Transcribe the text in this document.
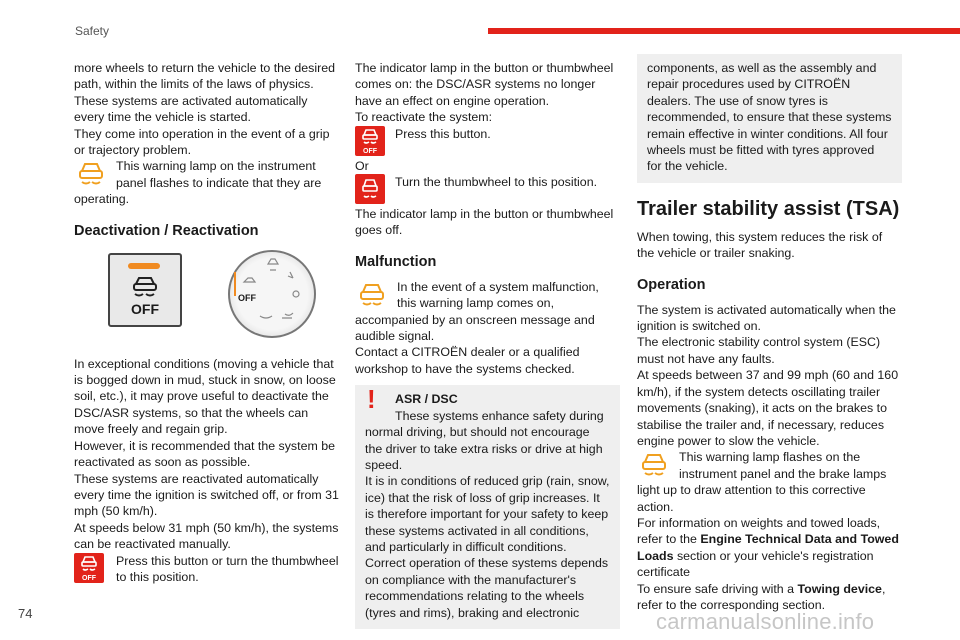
Safety

more wheels to return the vehicle to the desired path, within the limits of the laws of physics. These systems are activated automatically every time the vehicle is started.

They come into operation in the event of a grip or trajectory problem.

This warning lamp on the instrument panel flashes to indicate that they are operating.

Deactivation / Reactivation
OFF
OFF

In exceptional conditions (moving a vehicle that is bogged down in mud, stuck in snow, on loose soil, etc.), it may prove useful to deactivate the DSC/ASR systems, so that the wheels can move freely and regain grip.

However, it is recommended that the system be reactivated as soon as possible.

These systems are reactivated automatically every time the ignition is switched off, or from 31 mph (50 km/h).

At speeds below 31 mph (50 km/h), the systems can be reactivated manually.

OFF

Press this button or turn the thumbwheel to this position.

The indicator lamp in the button or thumbwheel comes on: the DSC/ASR systems no longer have an effect on engine operation.

To reactivate the system:

OFF

Press this button.

Or

Turn the thumbwheel to this position.

The indicator lamp in the button or thumbwheel goes off.

Malfunction

In the event of a system malfunction, this warning lamp comes on, accompanied by an onscreen message and audible signal.

Contact a CITROËN dealer or a qualified workshop to have the systems checked.

! ASR / DSC

These systems enhance safety during normal driving, but should not encourage the driver to take extra risks or drive at high speed.

It is in conditions of reduced grip (rain, snow, ice) that the risk of loss of grip increases. It is therefore important for your safety to keep these systems activated in all conditions, and particularly in difficult conditions.

Correct operation of these systems depends on compliance with the manufacturer's recommendations relating to the wheels (tyres and rims), braking and electronic

components, as well as the assembly and repair procedures used by CITROËN dealers. The use of snow tyres is recommended, to ensure that these systems remain effective in winter conditions. All four wheels must be fitted with tyres approved for the vehicle.

Trailer stability assist (TSA)

When towing, this system reduces the risk of the vehicle or trailer snaking.

Operation

The system is activated automatically when the ignition is switched on.

The electronic stability control system (ESC) must not have any faults.

At speeds between 37 and 99 mph (60 and 160 km/h), if the system detects oscillating trailer movements (snaking), it acts on the brakes to stabilise the trailer and, if necessary, reduces engine power to slow the vehicle.

This warning lamp flashes on the instrument panel and the brake lamps light up to draw attention to this corrective action.

For information on weights and towed loads, refer to the Engine Technical Data and Towed Loads section or your vehicle's registration certificate

To ensure safe driving with a Towing device, refer to the corresponding section.

74	carmanualsonline.info
